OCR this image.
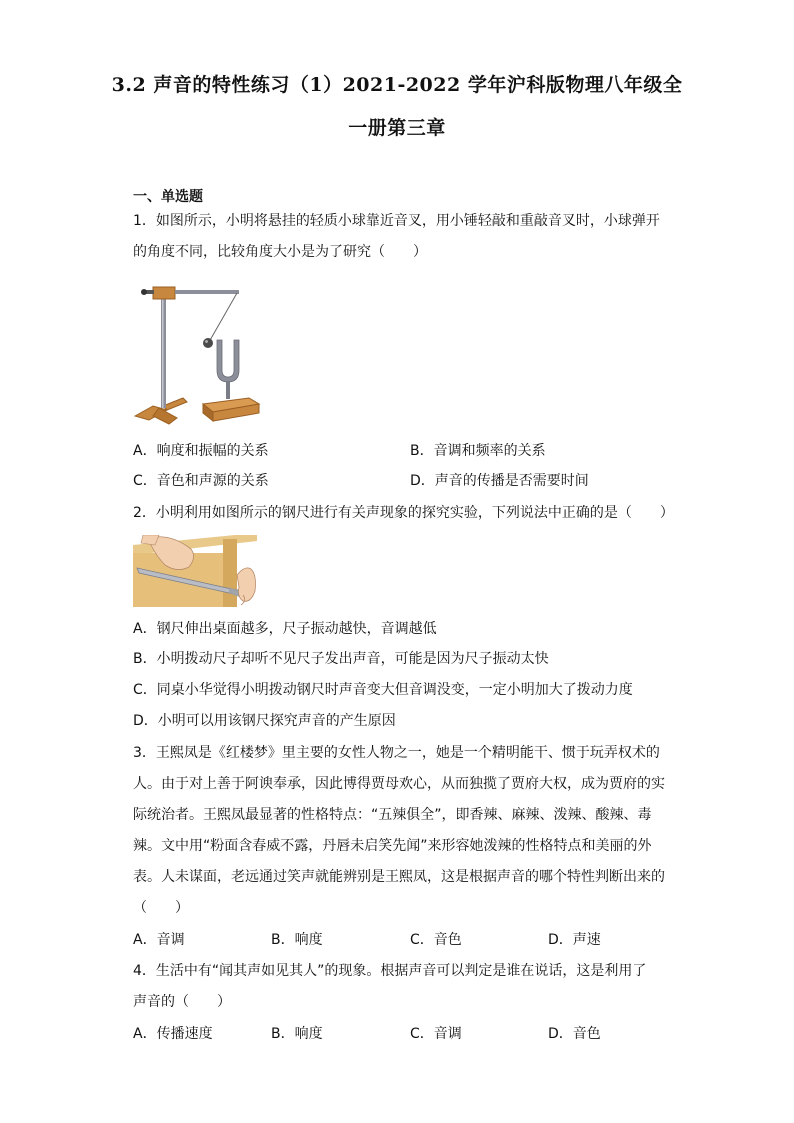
3.2 声音的特性练习（1）2021-2022 学年沪科版物理八年级全
一册第三章
一、单选题
1．如图所示，小明将悬挂的轻质小球靠近音叉，用小锤轻敲和重敲音叉时，小球弹开
的角度不同，比较角度大小是为了研究（　　）
A．响度和振幅的关系	B．音调和频率的关系
C．音色和声源的关系	D．声音的传播是否需要时间
2．小明利用如图所示的钢尺进行有关声现象的探究实验，下列说法中正确的是（　　）
A．钢尺伸出桌面越多，尺子振动越快，音调越低
B．小明拨动尺子却听不见尺子发出声音，可能是因为尺子振动太快
C．同桌小华觉得小明拨动钢尺时声音变大但音调没变，一定小明加大了拨动力度
D．小明可以用该钢尺探究声音的产生原因
3．王熙凤是《红楼梦》里主要的女性人物之一，她是一个精明能干、惯于玩弄权术的
人。由于对上善于阿谀奉承，因此博得贾母欢心，从而独揽了贾府大权，成为贾府的实
际统治者。王熙凤最显著的性格特点：“五辣俱全”，即香辣、麻辣、泼辣、酸辣、毒
辣。文中用“粉面含春威不露，丹唇未启笑先闻”来形容她泼辣的性格特点和美丽的外
表。人未谋面，老远通过笑声就能辨别是王熙凤，这是根据声音的哪个特性判断出来的
（　　）
A．音调	B．响度	C．音色	D．声速
4．生活中有“闻其声如见其人”的现象。根据声音可以判定是谁在说话，这是利用了
声音的（　　）
A．传播速度	B．响度	C．音调	D．音色
